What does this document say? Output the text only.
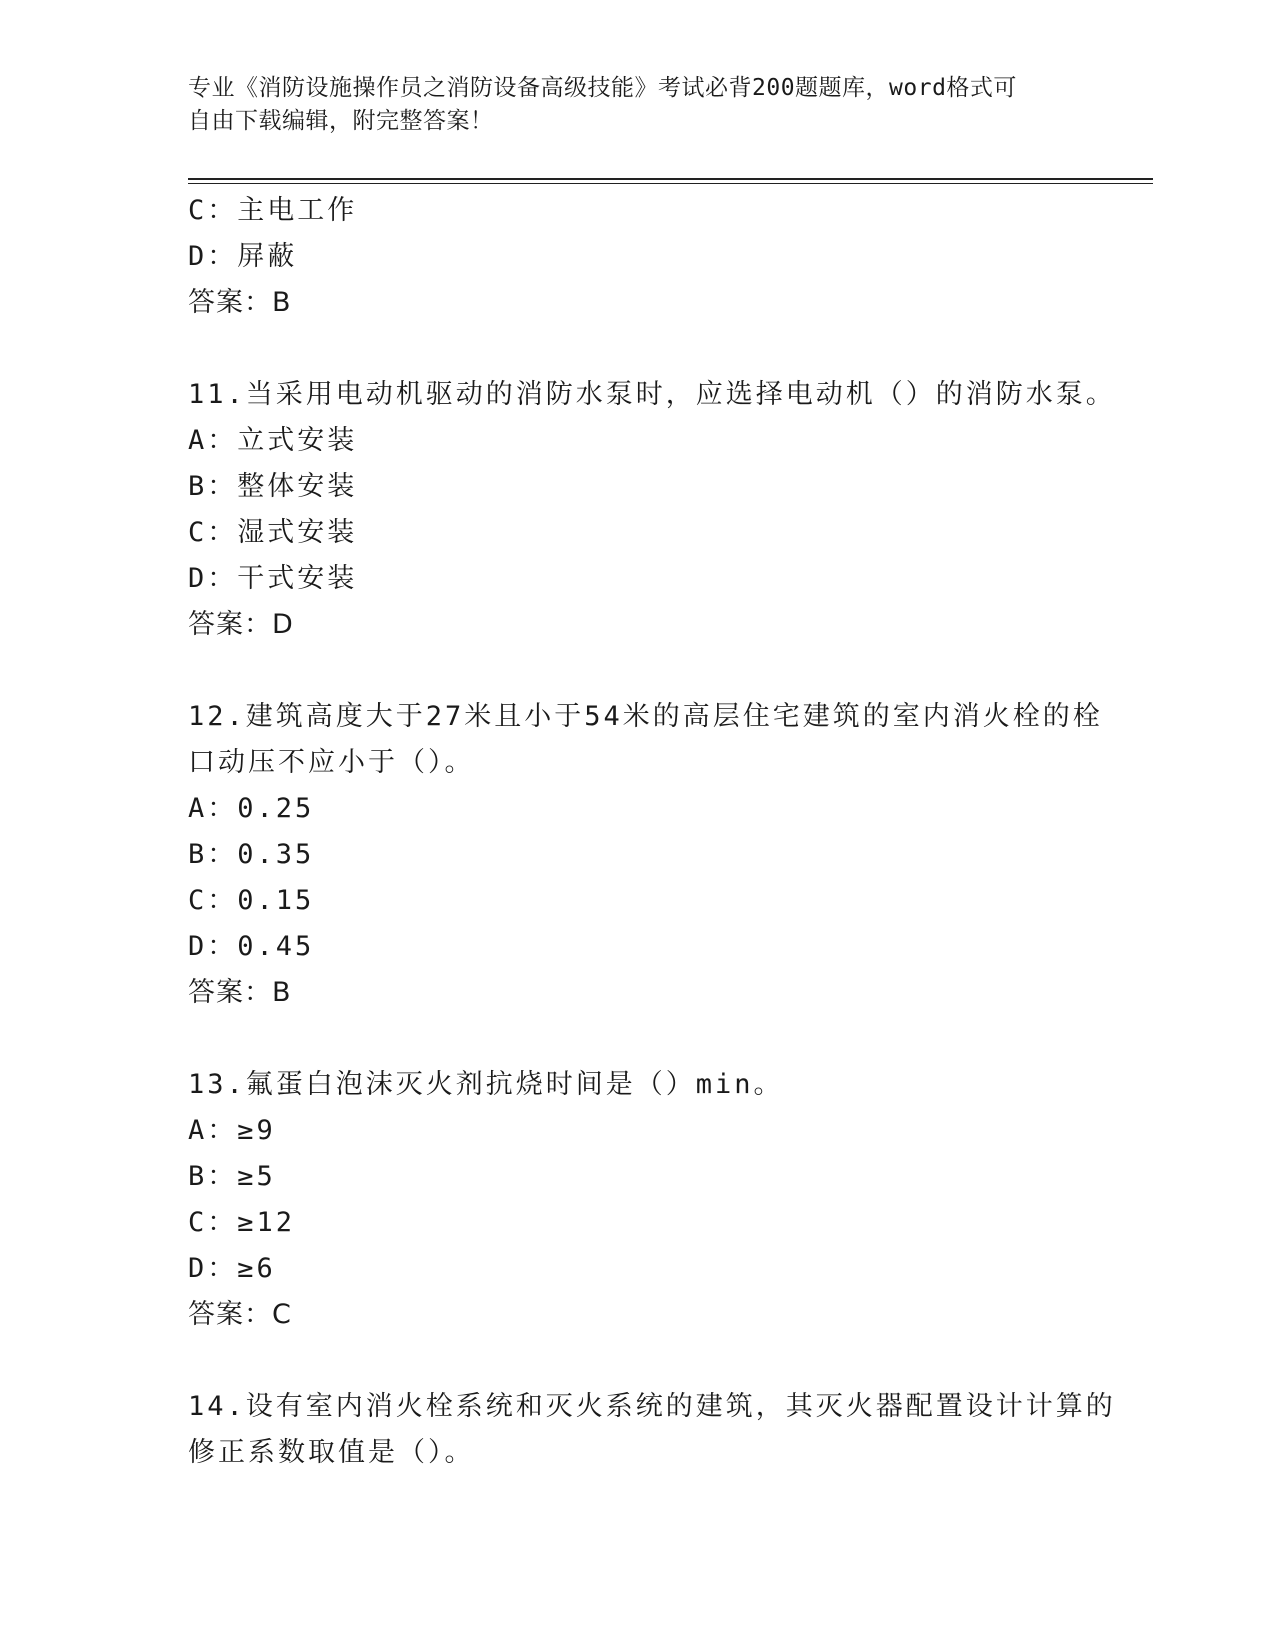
专业《消防设施操作员之消防设备高级技能》考试必背200题题库，word格式可
自由下载编辑，附完整答案！
C：主电工作
D：屏蔽
答案：B
11.当采用电动机驱动的消防水泵时，应选择电动机（）的消防水泵。
A：立式安装
B：整体安装
C：湿式安装
D：干式安装
答案：D
12.建筑高度大于27米且小于54米的高层住宅建筑的室内消火栓的栓
口动压不应小于（）。
A：0.25
B：0.35
C：0.15
D：0.45
答案：B
13.氟蛋白泡沫灭火剂抗烧时间是（）min。
A：≥9
B：≥5
C：≥12
D：≥6
答案：C
14.设有室内消火栓系统和灭火系统的建筑，其灭火器配置设计计算的
修正系数取值是（）。
